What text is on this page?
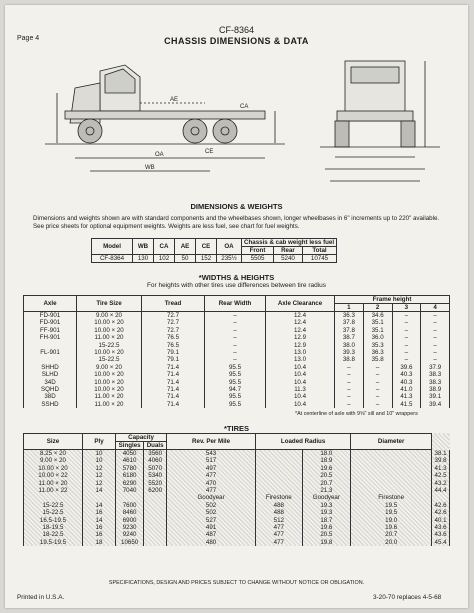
Page 4
CF-8364
CHASSIS DIMENSIONS & DATA
OA
WB
CA
AE
CE
DIMENSIONS & WEIGHTS
Dimensions and weights shown are with standard components and the wheelbases shown, longer wheelbases in 6" increments up to 220" available. See price sheets for optional equipment weights. Weights are less fuel, see chart for fuel weights.
Model	WB	CA	AE	CE	OA	Chassis & cab weight less fuel		
						Front	Rear	Total
CF-8364	130	102	50	152	235½	5505	5240	10745
*WIDTHS & HEIGHTS
For heights with other tires use differences between tire radius
Axle	Tire Size	Tread	Rear Width	Axle Clearance	Frame height			
					1	2	3	4
FD-901	9.00 × 20	72.7	–	12.4	36.3	34.6	–	–
FD-901	10.00 × 20	72.7	–	12.4	37.8	35.1	–	–
FF-901	10.00 × 20	72.7	–	12.4	37.8	35.1	–	–
FH-901	11.00 × 20	76.5	–	12.9	38.7	36.0	–	–
	15-22.5	76.5	–	12.9	38.0	35.3	–	–
FL-901	10.00 × 20	79.1	–	13.0	39.3	36.3	–	–
	15-22.5	79.1	–	13.0	38.8	35.8	–	–
SHHD	9.00 × 20	71.4	95.5	10.4	–	–	39.6	37.9
SLHD	10.00 × 20	71.4	95.5	10.4	–	–	40.3	38.3
34D	10.00 × 20	71.4	95.5	10.4	–	–	40.3	38.3
SQHD	10.00 × 20	71.4	94.7	11.3	–	–	41.0	38.9
38D	11.00 × 20	71.4	95.5	10.4	–	–	41.3	39.1
SSHD	11.00 × 20	71.4	95.5	10.4	–	–	41.5	39.4
*At centerline of axle with 9⅝" sill and 10" wrappers
*TIRES
Size	Ply	Capacity		Rev. Per Mile	Loaded Radius		Diameter	
		Singles	Duals					
8.25 × 20	10	4050	3560	543		18.0		38.1
9.00 × 20	10	4610	4060	517		18.9		39.8
10.00 × 20	12	5780	5070	497		19.6		41.3
10.00 × 22	12	6180	5340	477		20.5		42.5
11.00 × 20	12	6290	5520	470		20.7		43.2
11.00 × 22	14	7040	6200	477		21.3		44.4
				Goodyear	Firestone	Goodyear	Firestone	
15-22.5	14	7600		502	488	19.3	19.5	42.6
15-22.5	16	8460		502	488	19.3	19.5	42.6
16.5-19.5	14	6900		527	512	18.7	19.0	40.1
18-19.5	16	9230		491	477	19.6	19.6	43.6
18-22.5	16	9240		487	477	20.5	20.7	43.6
19.5-19.5	18	10650		480	477	19.8	20.0	45.4
SPECIFICATIONS, DESIGN AND PRICES SUBJECT TO CHANGE WITHOUT NOTICE OR OBLIGATION.
Printed in U.S.A.	3-20-70 replaces 4-5-68
